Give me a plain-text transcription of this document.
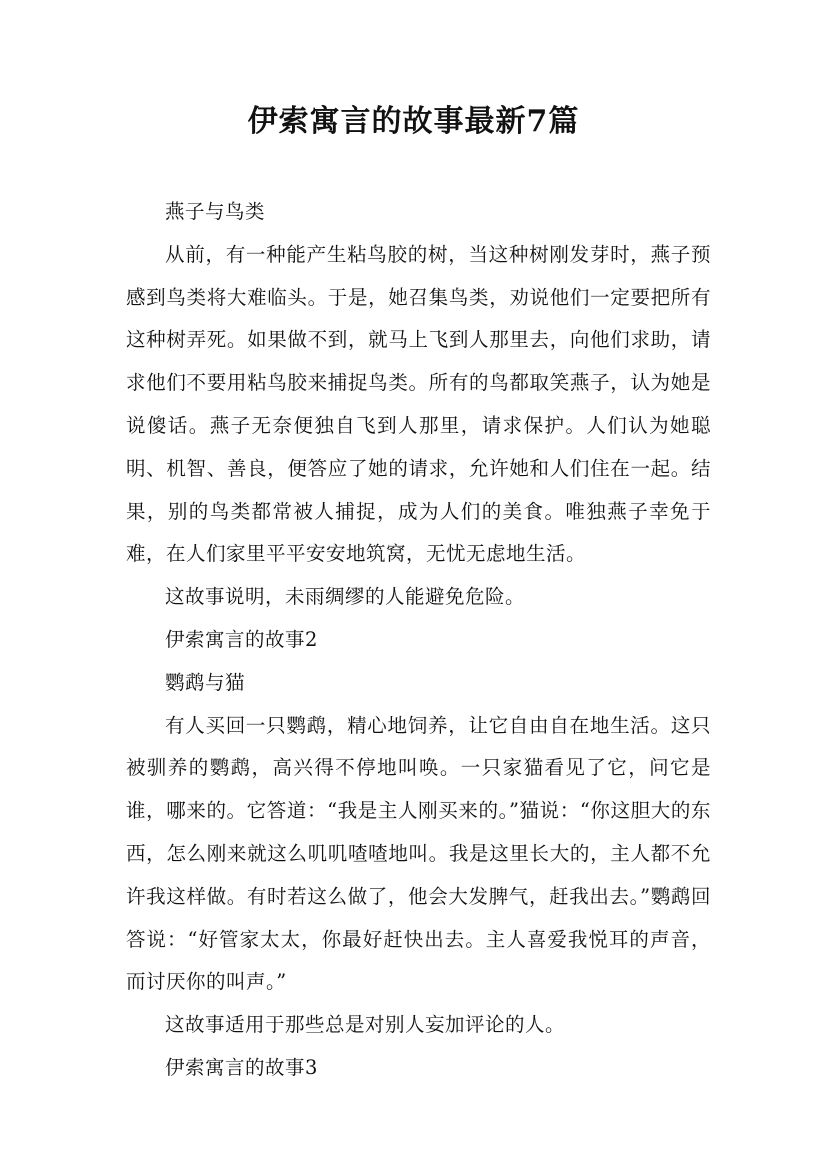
伊索寓言的故事最新7篇

燕子与鸟类

从前，有一种能产生粘鸟胶的树，当这种树刚发芽时，燕子预感到鸟类将大难临头。于是，她召集鸟类，劝说他们一定要把所有这种树弄死。如果做不到，就马上飞到人那里去，向他们求助，请求他们不要用粘鸟胶来捕捉鸟类。所有的鸟都取笑燕子，认为她是说傻话。燕子无奈便独自飞到人那里，请求保护。人们认为她聪明、机智、善良，便答应了她的请求，允许她和人们住在一起。结果，别的鸟类都常被人捕捉，成为人们的美食。唯独燕子幸免于难，在人们家里平平安安地筑窝，无忧无虑地生活。

这故事说明，未雨绸缪的人能避免危险。

伊索寓言的故事2

鹦鹉与猫

有人买回一只鹦鹉，精心地饲养，让它自由自在地生活。这只被驯养的鹦鹉，高兴得不停地叫唤。一只家猫看见了它，问它是谁，哪来的。它答道：“我是主人刚买来的。”猫说：“你这胆大的东西，怎么刚来就这么叽叽喳喳地叫。我是这里长大的，主人都不允许我这样做。有时若这么做了，他会大发脾气，赶我出去。”鹦鹉回答说：“好管家太太，你最好赶快出去。主人喜爱我悦耳的声音，而讨厌你的叫声。”

这故事适用于那些总是对别人妄加评论的人。

伊索寓言的故事3
